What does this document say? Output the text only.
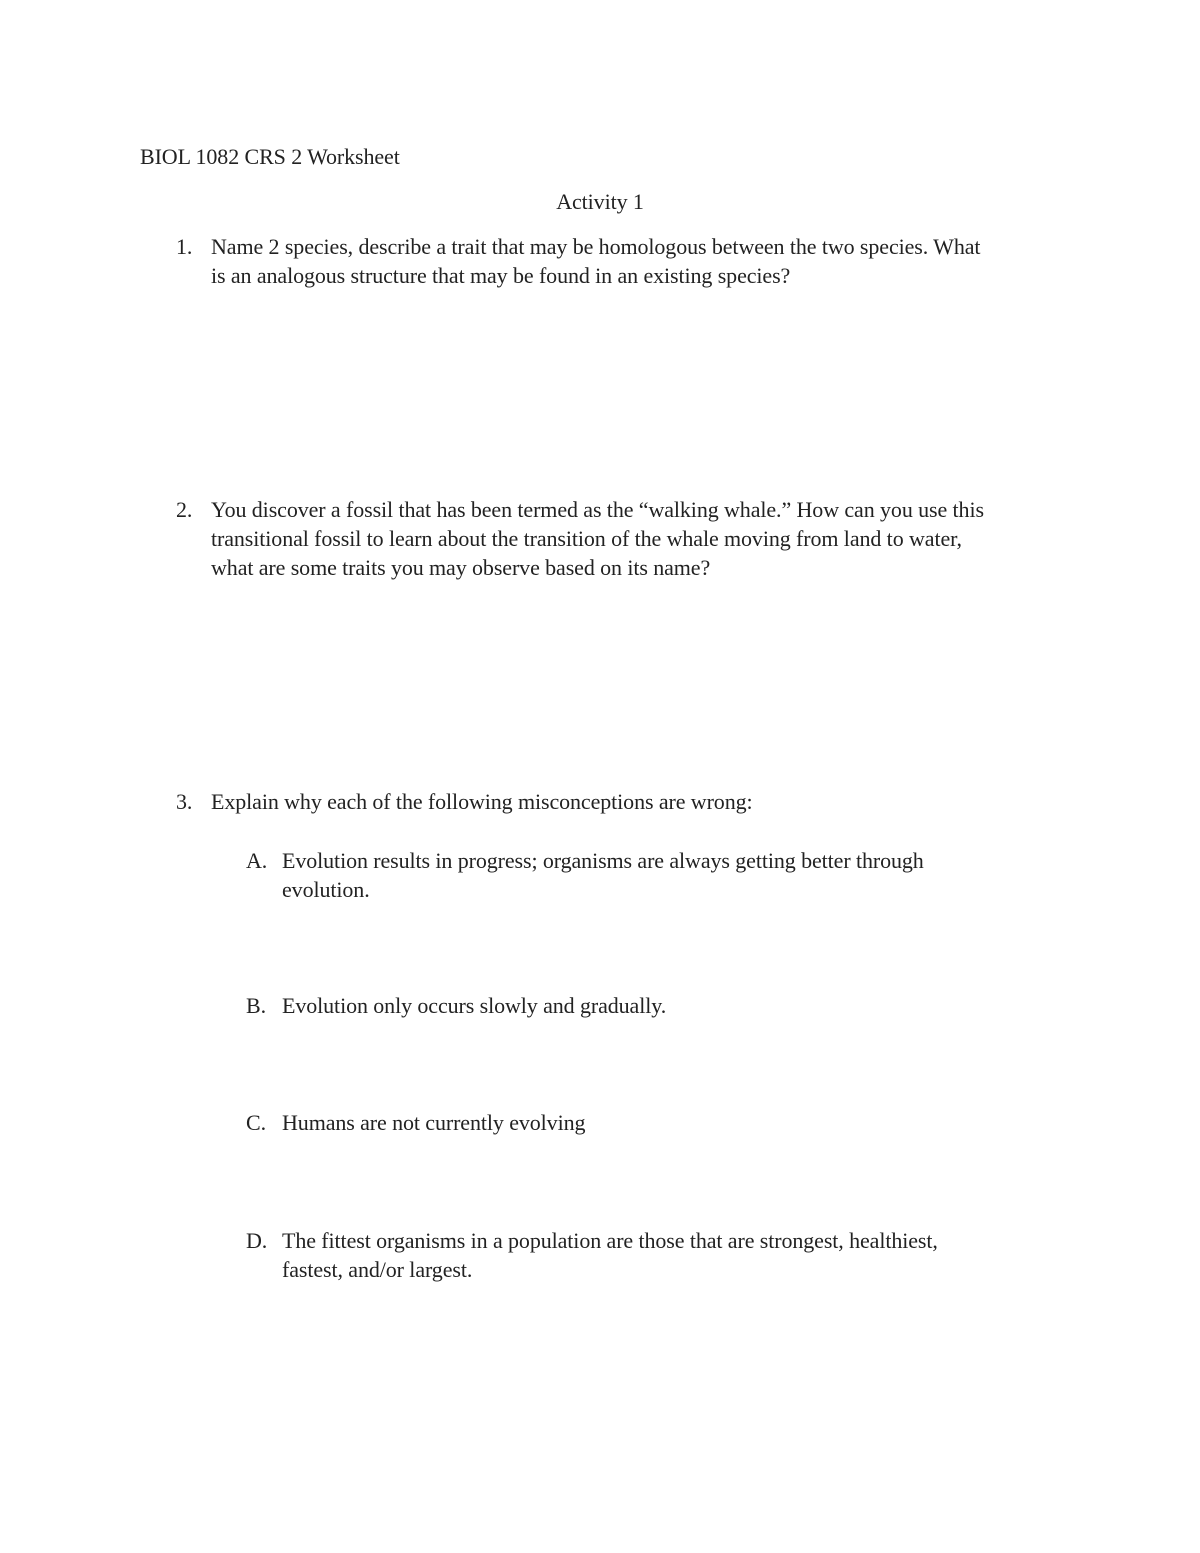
BIOL 1082 CRS 2 Worksheet
Activity 1
1. Name 2 species, describe a trait that may be homologous between the two species. What
is an analogous structure that may be found in an existing species?
2. You discover a fossil that has been termed as the “walking whale.” How can you use this
transitional fossil to learn about the transition of the whale moving from land to water,
what are some traits you may observe based on its name?
3. Explain why each of the following misconceptions are wrong:
A. Evolution results in progress; organisms are always getting better through
evolution.
B. Evolution only occurs slowly and gradually.
C. Humans are not currently evolving
D. The fittest organisms in a population are those that are strongest, healthiest,
fastest, and/or largest.
